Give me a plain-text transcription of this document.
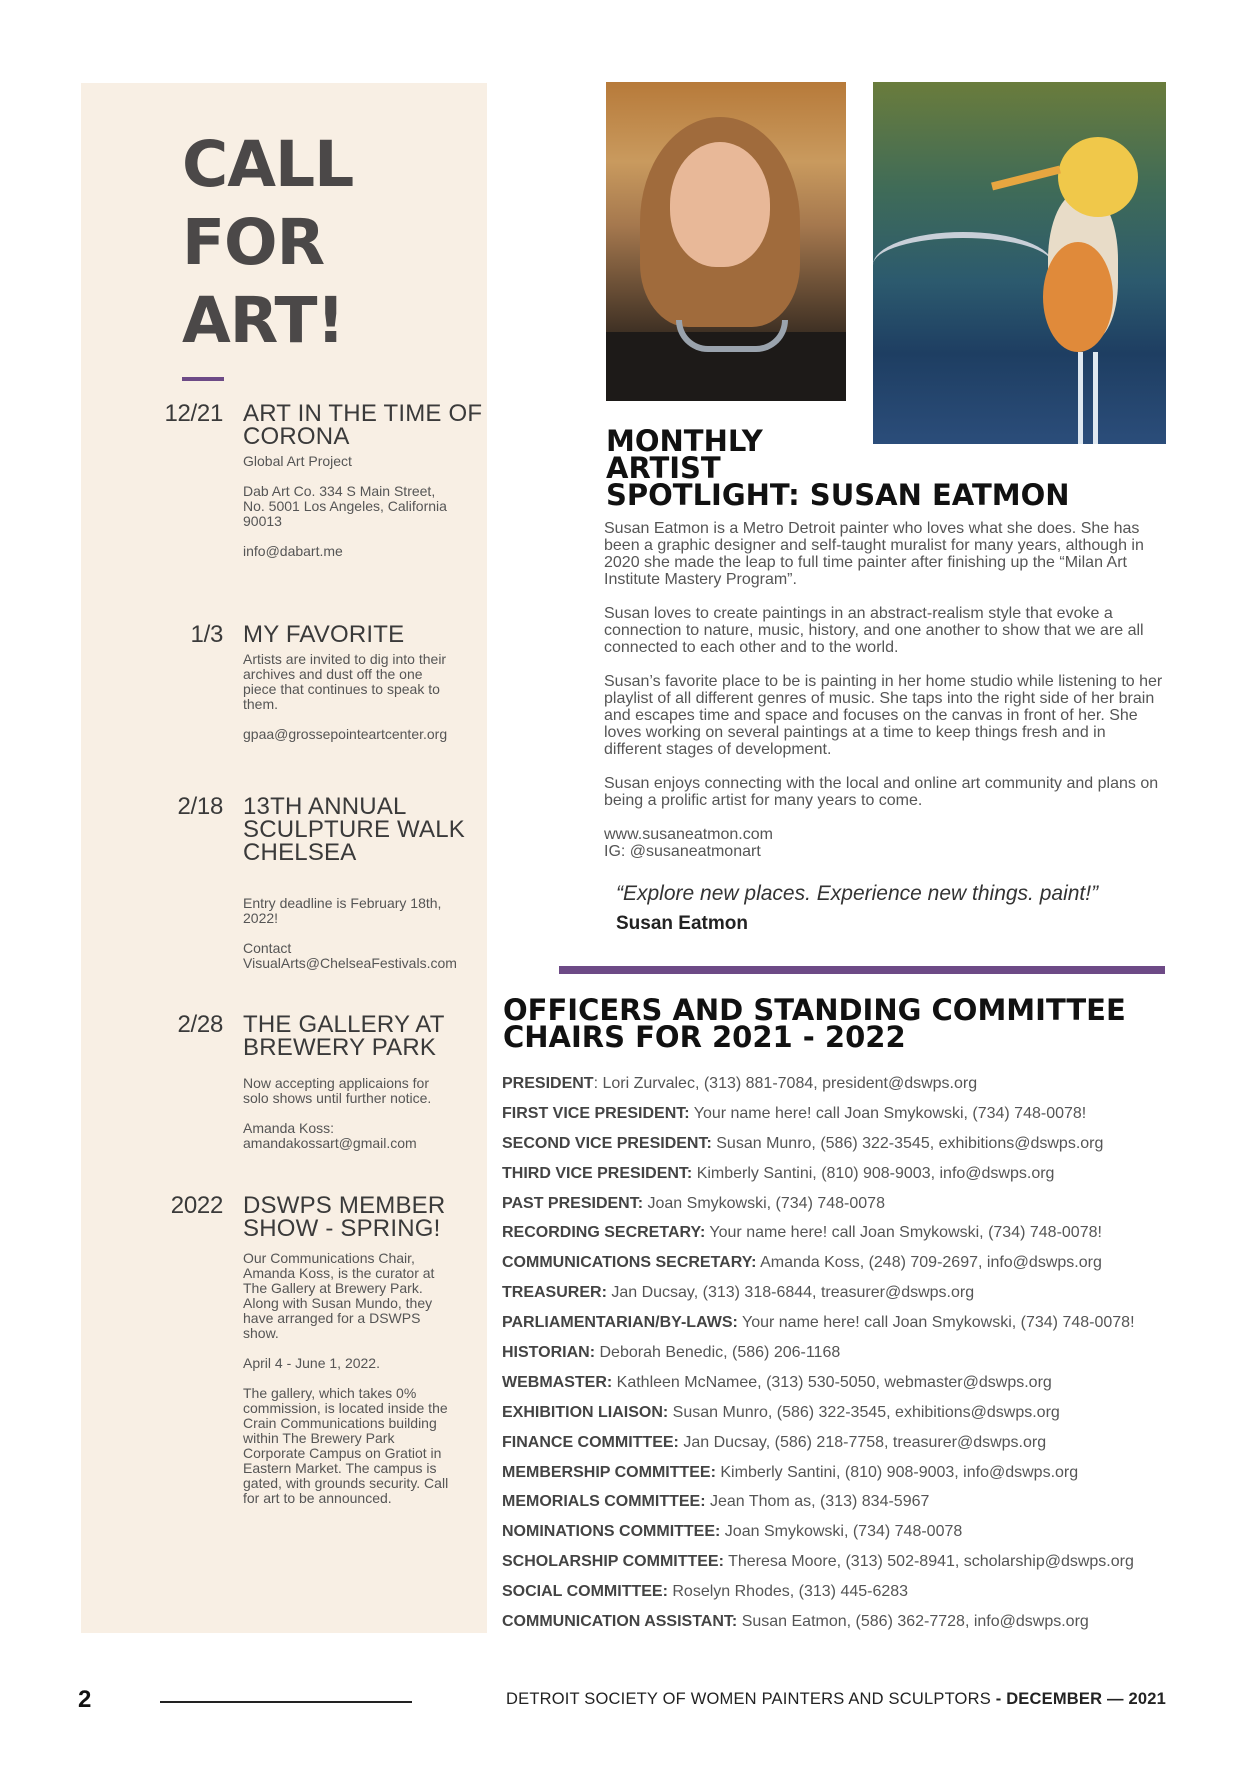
CALL
FOR
ART!
12/21 ART IN THE TIME OF CORONA

Global Art Project

Dab Art Co. 334 S Main Street, No. 5001 Los Angeles, California 90013

info@dabart.me

1/3 MY FAVORITE

Artists are invited to dig into their archives and dust off the one piece that continues to speak to them.

gpaa@grossepointeartcenter.org

2/18 13TH ANNUAL SCULPTURE WALK CHELSEA

Entry deadline is February 18th, 2022!

Contact VisualArts@ChelseaFestivals.com

2/28 THE GALLERY AT BREWERY PARK

Now accepting applicaions for solo shows until further notice.

Amanda Koss: amandakossart@gmail.com

2022 DSWPS MEMBER SHOW - SPRING!

Our Communications Chair, Amanda Koss, is the curator at The Gallery at Brewery Park. Along with Susan Mundo, they have arranged for a DSWPS show.

April 4 - June 1, 2022.

The gallery, which takes 0% commission, is located inside the Crain Communications building within The Brewery Park Corporate Campus on Gratiot in Eastern Market. The campus is gated, with grounds security. Call for art to be announced.

MONTHLY
ARTIST
SPOTLIGHT: SUSAN EATMON

Susan Eatmon is a Metro Detroit painter who loves what she does. She has been a graphic designer and self-taught muralist for many years, although in 2020 she made the leap to full time painter after finishing up the “Milan Art Institute Mastery Program”.

Susan loves to create paintings in an abstract-realism style that evoke a connection to nature, music, history, and one another to show that we are all connected to each other and to the world.

Susan’s favorite place to be is painting in her home studio while listening to her playlist of all different genres of music. She taps into the right side of her brain and escapes time and space and focuses on the canvas in front of her. She loves working on several paintings at a time to keep things fresh and in different stages of development.

Susan enjoys connecting with the local and online art community and plans on being a prolific artist for many years to come.

www.susaneatmon.com

IG: @susaneatmonart

“Explore new places. Experience new things. paint!”
Susan Eatmon
OFFICERS AND STANDING COMMITTEE
CHAIRS FOR 2021 - 2022
PRESIDENT: Lori Zurvalec, (313) 881-7084, president@dswps.org
FIRST VICE PRESIDENT: Your name here! call Joan Smykowski, (734) 748-0078!
SECOND VICE PRESIDENT: Susan Munro, (586) 322-3545, exhibitions@dswps.org
THIRD VICE PRESIDENT: Kimberly Santini, (810) 908-9003, info@dswps.org
PAST PRESIDENT: Joan Smykowski, (734) 748-0078
RECORDING SECRETARY: Your name here! call Joan Smykowski, (734) 748-0078!
COMMUNICATIONS SECRETARY: Amanda Koss, (248) 709-2697, info@dswps.org
TREASURER: Jan Ducsay, (313) 318-6844, treasurer@dswps.org
PARLIAMENTARIAN/BY-LAWS: Your name here! call Joan Smykowski, (734) 748-0078!
HISTORIAN: Deborah Benedic, (586) 206-1168
WEBMASTER: Kathleen McNamee, (313) 530-5050, webmaster@dswps.org
EXHIBITION LIAISON: Susan Munro, (586) 322-3545, exhibitions@dswps.org
FINANCE COMMITTEE: Jan Ducsay, (586) 218-7758, treasurer@dswps.org
MEMBERSHIP COMMITTEE: Kimberly Santini, (810) 908-9003, info@dswps.org
MEMORIALS COMMITTEE: Jean Thom as, (313) 834-5967
NOMINATIONS COMMITTEE: Joan Smykowski, (734) 748-0078
SCHOLARSHIP COMMITTEE: Theresa Moore, (313) 502-8941, scholarship@dswps.org
SOCIAL COMMITTEE: Roselyn Rhodes, (313) 445-6283
COMMUNICATION ASSISTANT: Susan Eatmon, (586) 362-7728, info@dswps.org
2	DETROIT SOCIETY OF WOMEN PAINTERS AND SCULPTORS - DECEMBER — 2021
